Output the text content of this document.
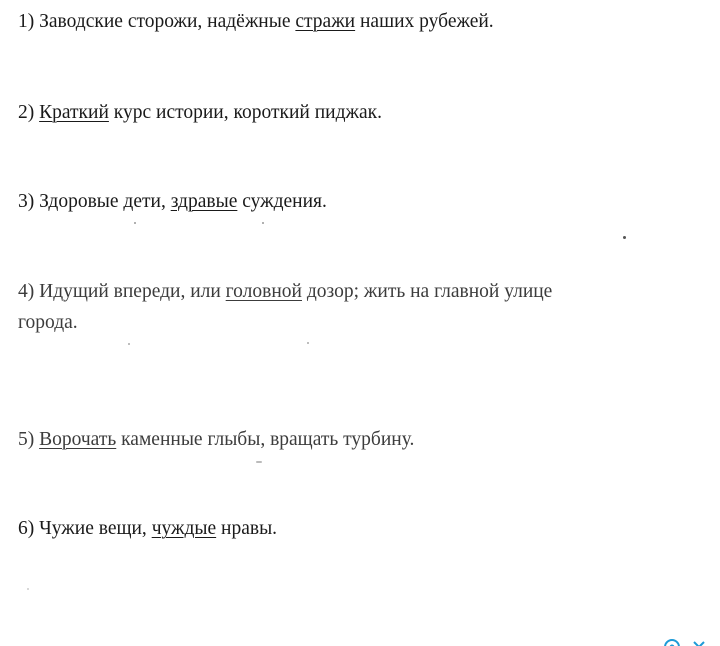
1) Заводские сторожи, надёжные стражи наших рубежей.
2) Краткий курс истории, короткий пиджак.
3) Здоровые дети, здравые суждения.
4) Идущий впереди, или головной дозор; жить на главной улице
города.
5) Ворочать каменные глыбы, вращать турбину.
6) Чужие вещи, чуждые нравы.
